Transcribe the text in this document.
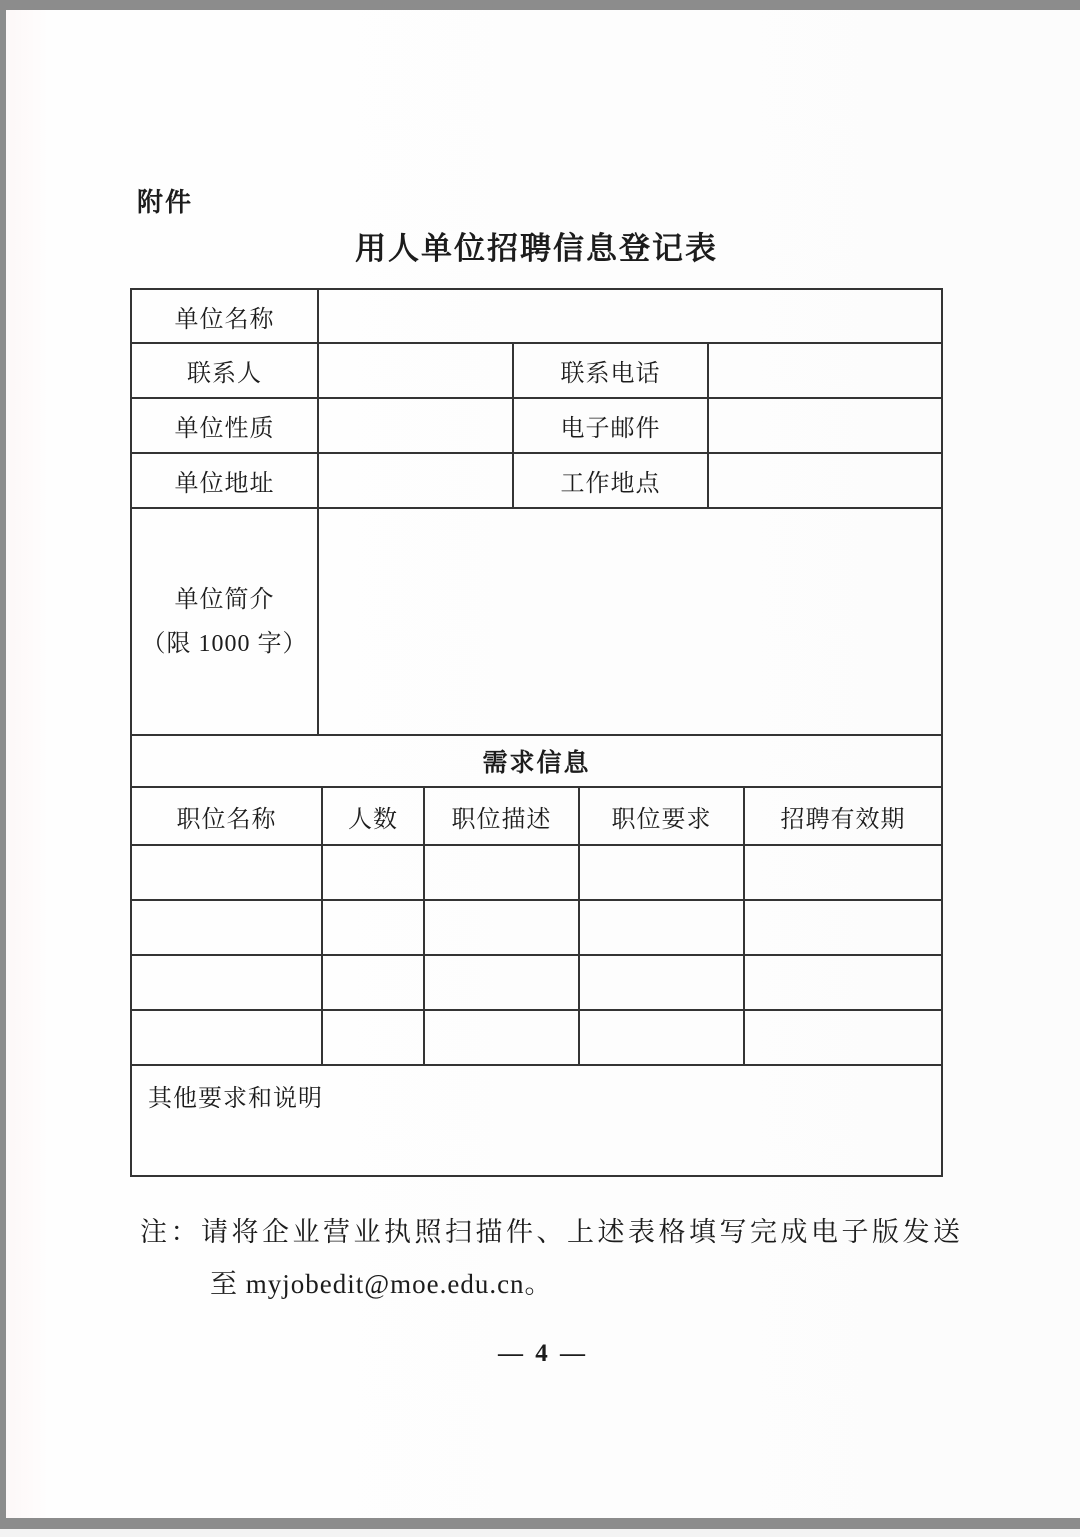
附件
用人单位招聘信息登记表
单位名称
联系人	联系电话
单位性质	电子邮件
单位地址	工作地点
单位简介
（限 1000 字）
需求信息
职位名称	人数	职位描述	职位要求	招聘有效期
其他要求和说明
注：请将企业营业执照扫描件、上述表格填写完成电子版发送
至 myjobedit@moe.edu.cn。
— 4 —
